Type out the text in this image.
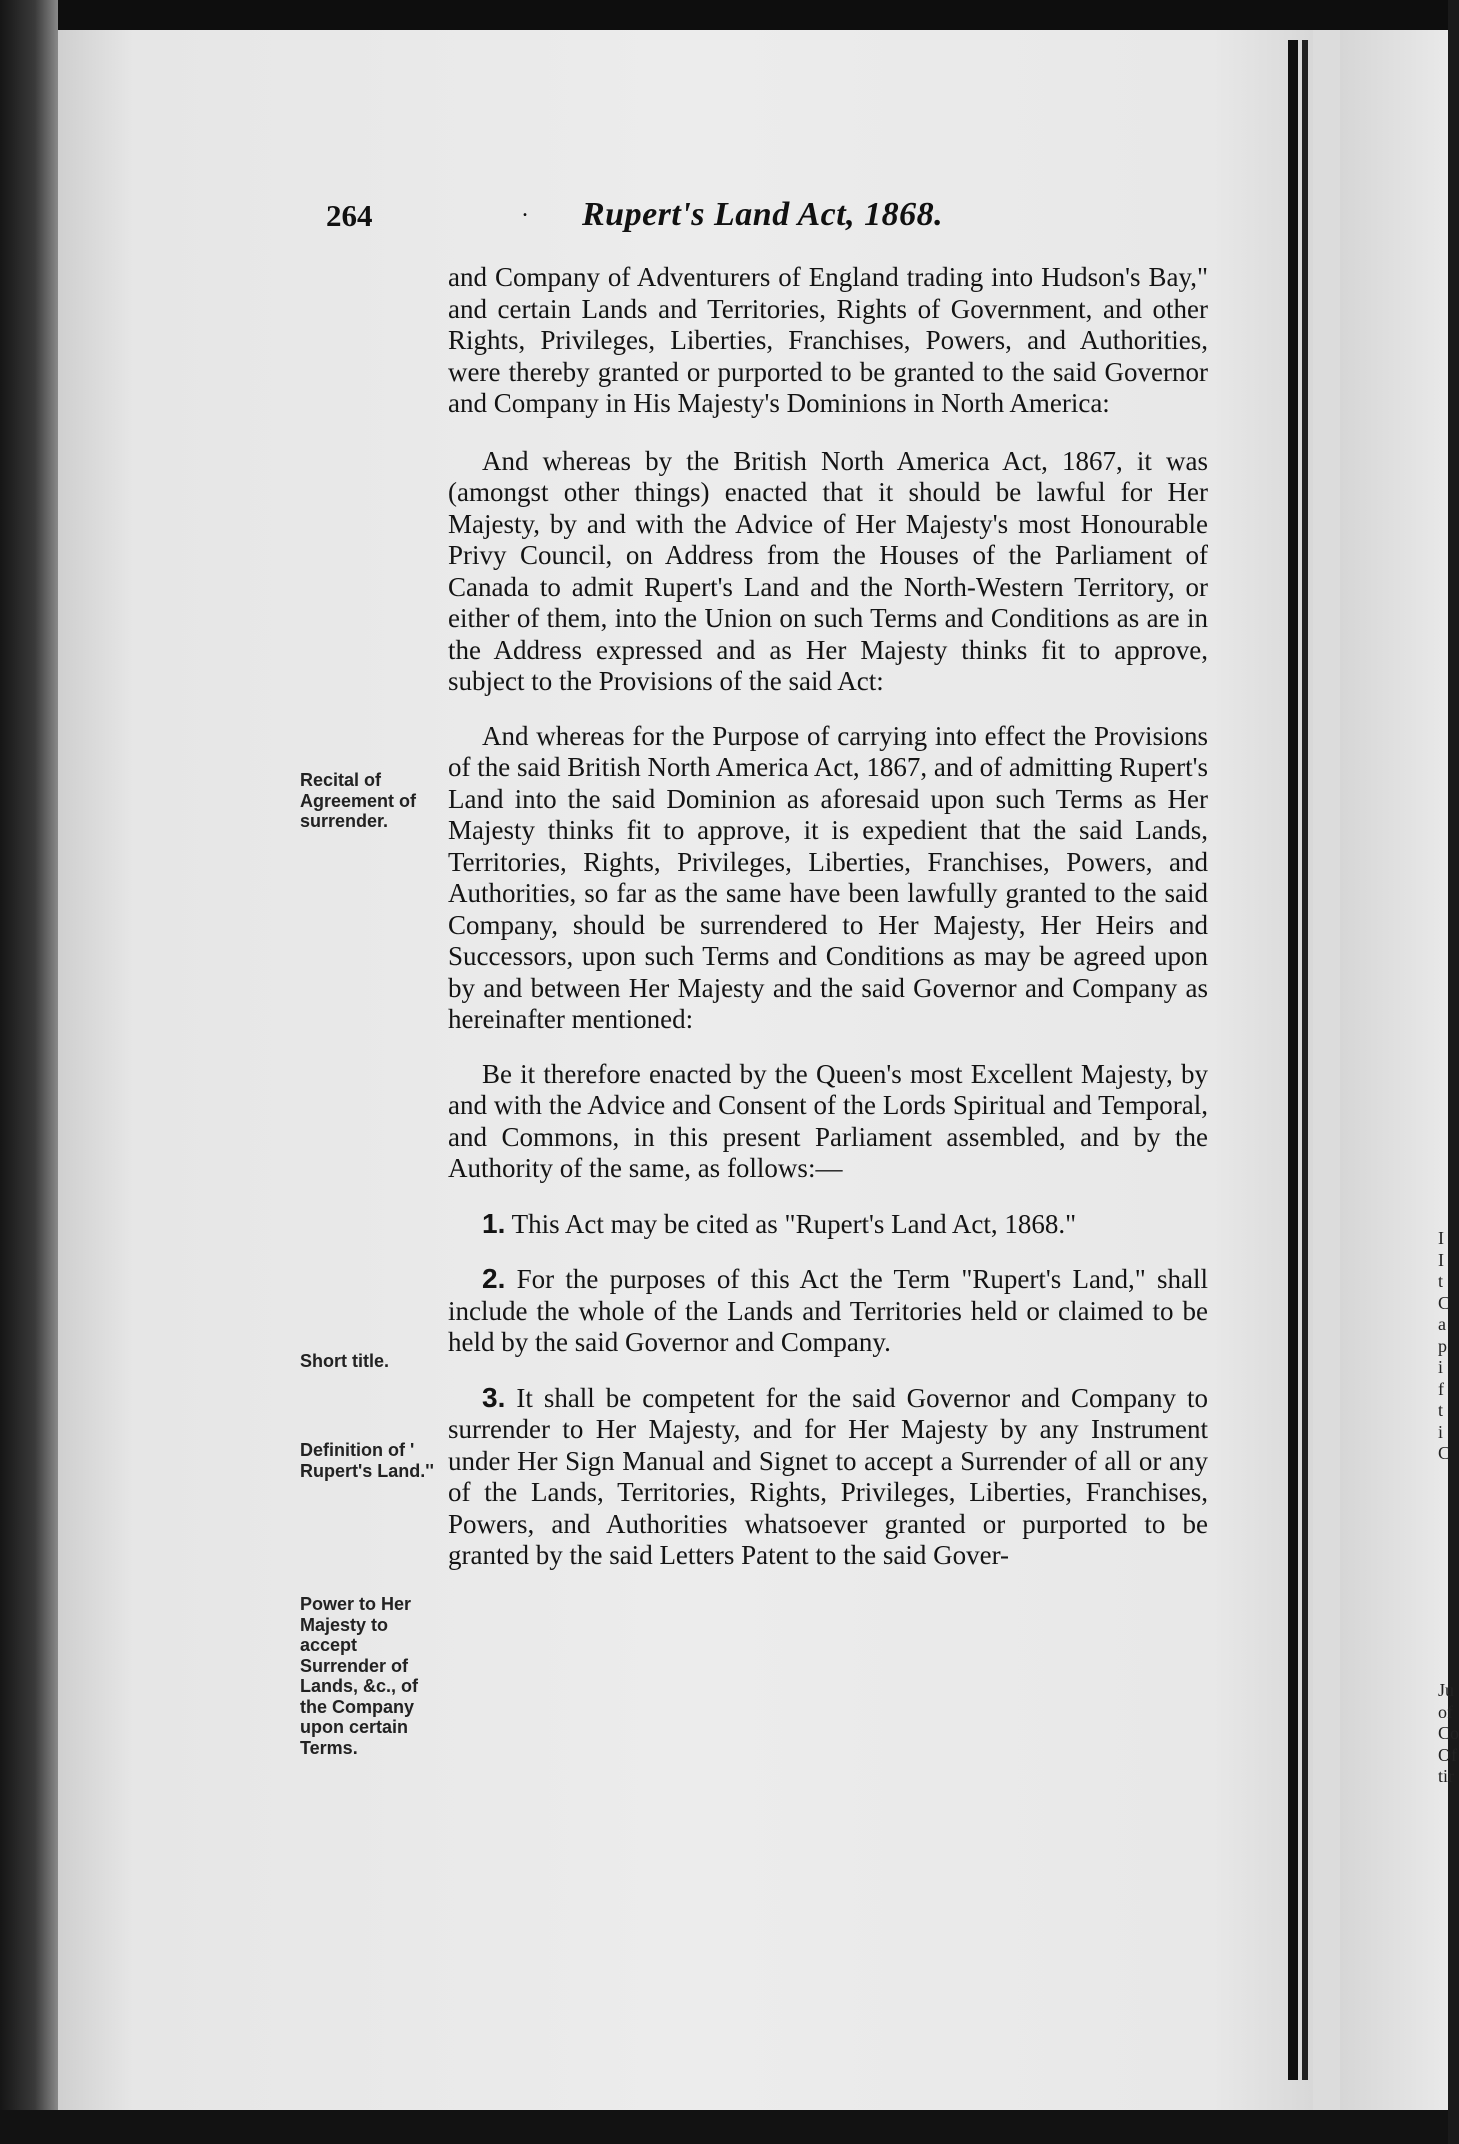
264	. Rupert's Land Act, 1868.
Recital of Agreement of surrender.
Short title.
Definition of ' Rupert's Land.''
Power to Her Majesty to accept Surrender of Lands, &c., of the Company upon certain Terms.

and Company of Adventurers of England trading into Hudson's Bay," and certain Lands and Territories, Rights of Government, and other Rights, Privileges, Liberties, Franchises, Powers, and Authorities, were thereby granted or purported to be granted to the said Governor and Company in His Majesty's Dominions in North America:

And whereas by the British North America Act, 1867, it was (amongst other things) enacted that it should be lawful for Her Majesty, by and with the Advice of Her Majesty's most Honourable Privy Council, on Address from the Houses of the Parliament of Canada to admit Rupert's Land and the North-Western Territory, or either of them, into the Union on such Terms and Conditions as are in the Address expressed and as Her Majesty thinks fit to approve, subject to the Provisions of the said Act:

And whereas for the Purpose of carrying into effect the Provisions of the said British North America Act, 1867, and of admitting Rupert's Land into the said Dominion as aforesaid upon such Terms as Her Majesty thinks fit to approve, it is expedient that the said Lands, Territories, Rights, Privileges, Liberties, Franchises, Powers, and Authorities, so far as the same have been lawfully granted to the said Company, should be surrendered to Her Majesty, Her Heirs and Successors, upon such Terms and Conditions as may be agreed upon by and between Her Majesty and the said Governor and Company as hereinafter mentioned:

Be it therefore enacted by the Queen's most Excellent Majesty, by and with the Advice and Consent of the Lords Spiritual and Temporal, and Commons, in this present Parliament assembled, and by the Authority of the same, as follows:—

1. This Act may be cited as "Rupert's Land Act, 1868."

2. For the purposes of this Act the Term "Rupert's Land," shall include the whole of the Lands and Territories held or claimed to be held by the said Governor and Company.

3. It shall be competent for the said Governor and Company to surrender to Her Majesty, and for Her Majesty by any Instrument under Her Sign Manual and Signet to accept a Surrender of all or any of the Lands, Territories, Rights, Privileges, Liberties, Franchises, Powers, and Authorities whatsoever granted or purported to be granted by the said Letters Patent to the said Gover-

I
I
t
C
a
p
i
f
t
i
C
Ju
of
Co
Of
tir
